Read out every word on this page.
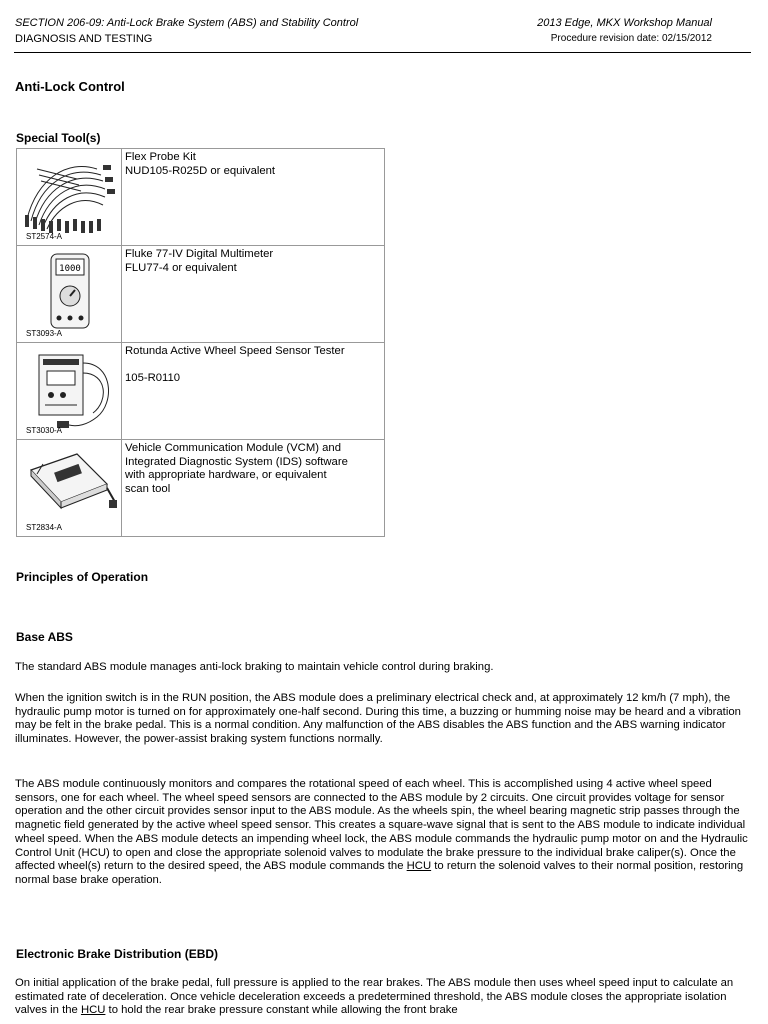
SECTION 206-09: Anti-Lock Brake System (ABS) and Stability Control
DIAGNOSIS AND TESTING
2013 Edge, MKX Workshop Manual
Procedure revision date: 02/15/2012
Anti-Lock Control
Special Tool(s)
ST2574-A	Flex Probe Kit
NUD105-R025D or equivalent

1000
ST3093-A	Fluke 77-IV Digital Multimeter
FLU77-4 or equivalent

ST3030-A	Rotunda Active Wheel Speed Sensor Tester
105-R0110

ST2834-A	Vehicle Communication Module (VCM) and
Integrated Diagnostic System (IDS) software
with appropriate hardware, or equivalent
scan tool
Principles of Operation
Base ABS
The standard ABS module manages anti-lock braking to maintain vehicle control during braking.
When the ignition switch is in the RUN position, the ABS module does a preliminary electrical check and, at approximately 12 km/h (7 mph), the hydraulic pump motor is turned on for approximately one-half second. During this time, a buzzing or humming noise may be heard and a vibration may be felt in the brake pedal. This is a normal condition. Any malfunction of the ABS disables the ABS function and the ABS warning indicator illuminates. However, the power-assist braking system functions normally.
The ABS module continuously monitors and compares the rotational speed of each wheel. This is accomplished using 4 active wheel speed sensors, one for each wheel. The wheel speed sensors are connected to the ABS module by 2 circuits. One circuit provides voltage for sensor operation and the other circuit provides sensor input to the ABS module. As the wheels spin, the wheel bearing magnetic strip passes through the magnetic field generated by the active wheel speed sensor. This creates a square-wave signal that is sent to the ABS module to indicate individual wheel speed. When the ABS module detects an impending wheel lock, the ABS module commands the hydraulic pump motor on and the Hydraulic Control Unit (HCU) to open and close the appropriate solenoid valves to modulate the brake pressure to the individual brake caliper(s). Once the affected wheel(s) return to the desired speed, the ABS module commands the HCU to return the solenoid valves to their normal position, restoring normal base brake operation.
Electronic Brake Distribution (EBD)
On initial application of the brake pedal, full pressure is applied to the rear brakes. The ABS module then uses wheel speed input to calculate an estimated rate of deceleration. Once vehicle deceleration exceeds a predetermined threshold, the ABS module closes the appropriate isolation valves in the HCU to hold the rear brake pressure constant while allowing the front brake
